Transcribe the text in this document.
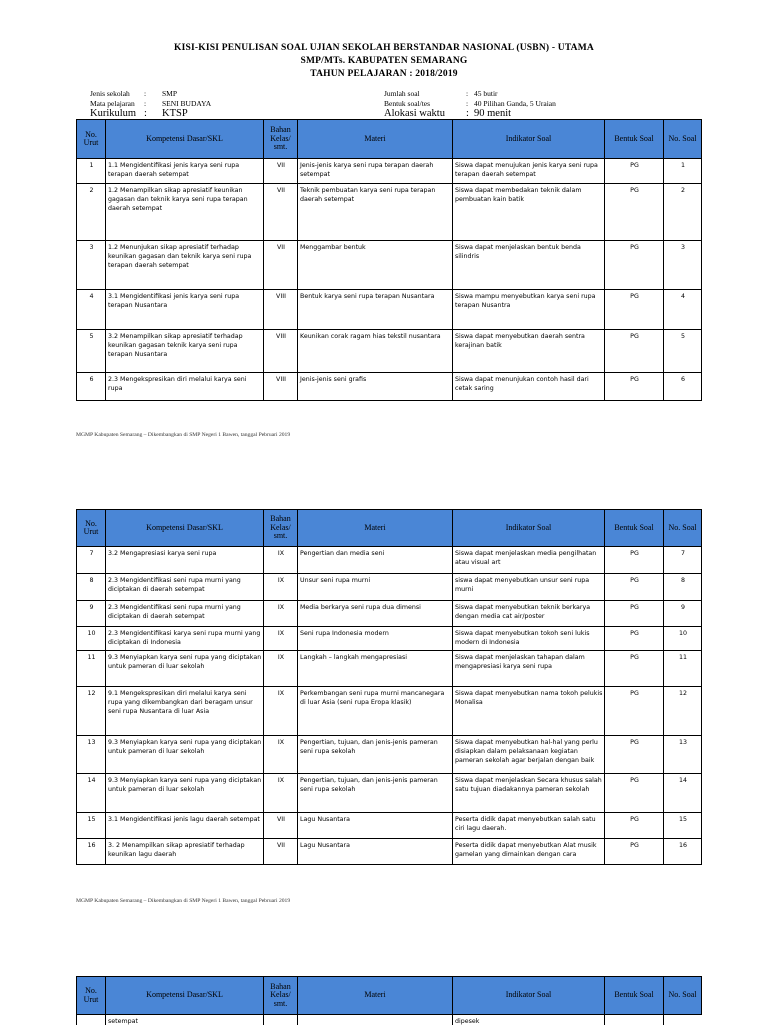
KISI-KISI PENULISAN SOAL UJIAN SEKOLAH BERSTANDAR NASIONAL (USBN) - UTAMA
SMP/MTs. KABUPATEN SEMARANG
TAHUN PELAJARAN : 2018/2019
Jenis sekolah : SMP
Mata pelajaran : SENI BUDAYA
Kurikulum : KTSP
Jumlah soal	: 45 butir
Bentuk soal/tes	: 40 Pilihan Ganda, 5 Uraian
Alokasi waktu : 90 menit
No. Urut	Kompetensi Dasar/SKL	Bahan Kelas/ smt.	Materi	Indikator Soal	Bentuk Soal	No. Soal
1	1.1 Mengidentifikasi jenis karya seni rupa terapan daerah setempat	VII	Jenis-jenis karya seni rupa terapan daerah setempat	Siswa dapat menujukan jenis karya seni rupa terapan daerah setempat	PG	1
2	1.2 Menampilkan sikap apresiatif keunikan gagasan dan teknik karya seni rupa terapan daerah setempat	VII	Teknik pembuatan karya seni rupa terapan daerah setempat	Siswa dapat membedakan teknik dalam pembuatan kain batik	PG	2
3	1.2 Menunjukan sikap apresiatif terhadap keunikan gagasan dan teknik karya seni rupa terapan daerah setempat	VII	Menggambar bentuk	Siswa dapat menjelaskan bentuk benda silindris	PG	3
4	3.1 Mengidentifikasi jenis karya seni rupa terapan Nusantara	VIII	Bentuk karya seni rupa terapan Nusantara	Siswa mampu menyebutkan karya seni rupa terapan Nusantra	PG	4
5	3.2 Menampilkan sikap apresiatif terhadap keunikan gagasan teknik karya seni rupa terapan Nusantara	VIII	Keunikan corak ragam hias tekstil nusantara	Siswa dapat menyebutkan daerah sentra kerajinan batik	PG	5
6	2.3 Mengekspresikan diri melalui karya seni rupa	VIII	Jenis-jenis seni grafis	Siswa dapat menunjukan contoh hasil dari cetak saring	PG	6
MGMP Kabupaten Semarang – Dikembangkan di SMP Negeri 1 Bawen, tanggal Pebruari 2019
No. Urut	Kompetensi Dasar/SKL	Bahan Kelas/ smt.	Materi	Indikator Soal	Bentuk Soal	No. Soal
7	3.2 Mengapresiasi karya seni rupa	IX	Pengertian dan media seni	Siswa dapat menjelaskan media pengilhatan atau visual art	PG	7
8	2.3 Mengidentifikasi seni rupa murni yang diciptakan di daerah setempat	IX	Unsur seni rupa murni	siswa dapat menyebutkan unsur seni rupa murni	PG	8
9	2.3 Mengidentifikasi seni rupa murni yang diciptakan di daerah setempat	IX	Media berkarya seni rupa dua dimensi	Siswa dapat menyebutkan teknik berkarya dengan media cat air/poster	PG	9
10	2.3 Mengidentifikasi karya seni rupa murni yang diciptakan di Indonesia	IX	Seni rupa Indonesia modern	Siswa dapat menyebutkan tokoh seni lukis modern di Indonesia	PG	10
11	9.3 Menyiapkan karya seni rupa yang diciptakan untuk pameran di luar sekolah	IX	Langkah – langkah mengapresiasi	Siswa dapat menjelaskan tahapan dalam mengapresiasi karya seni rupa	PG	11
12	9.1 Mengekspresikan diri melalui karya seni rupa yang dikembangkan dari beragam unsur seni rupa Nusantara di luar Asia	IX	Perkembangan seni rupa murni mancanegara di luar Asia (seni rupa Eropa klasik)	Siswa dapat menyebutkan nama tokoh pelukis Monalisa	PG	12
13	9.3 Menyiapkan karya seni rupa yang diciptakan untuk pameran di luar sekolah	IX	Pengertian, tujuan, dan jenis-jenis pameran seni rupa sekolah	Siswa dapat menyebutkan hal-hal yang perlu disiapkan dalam pelaksanaan kegiatan pameran sekolah agar berjalan dengan baik	PG	13
14	9.3 Menyiapkan karya seni rupa yang diciptakan untuk pameran di luar sekolah	IX	Pengertian, tujuan, dan jenis-jenis pameran seni rupa sekolah	Siswa dapat menjelaskan Secara khusus salah satu tujuan diadakannya pameran sekolah	PG	14
15	3.1 Mengidentifikasi jenis lagu daerah setempat	VII	Lagu Nusantara	Peserta didik dapat menyebutkan salah satu ciri lagu daerah.	PG	15
16	3. 2 Menampilkan sikap apresiatif terhadap keunikan lagu daerah	VII	Lagu Nusantara	Peserta didik dapat menyebutkan Alat musik gamelan yang dimainkan dengan cara	PG	16
MGMP Kabupaten Semarang – Dikembangkan di SMP Negeri 1 Bawen, tanggal Pebruari 2019
No. Urut	Kompetensi Dasar/SKL	Bahan Kelas/ smt.	Materi	Indikator Soal	Bentuk Soal	No. Soal
	setempat			dipesek		
